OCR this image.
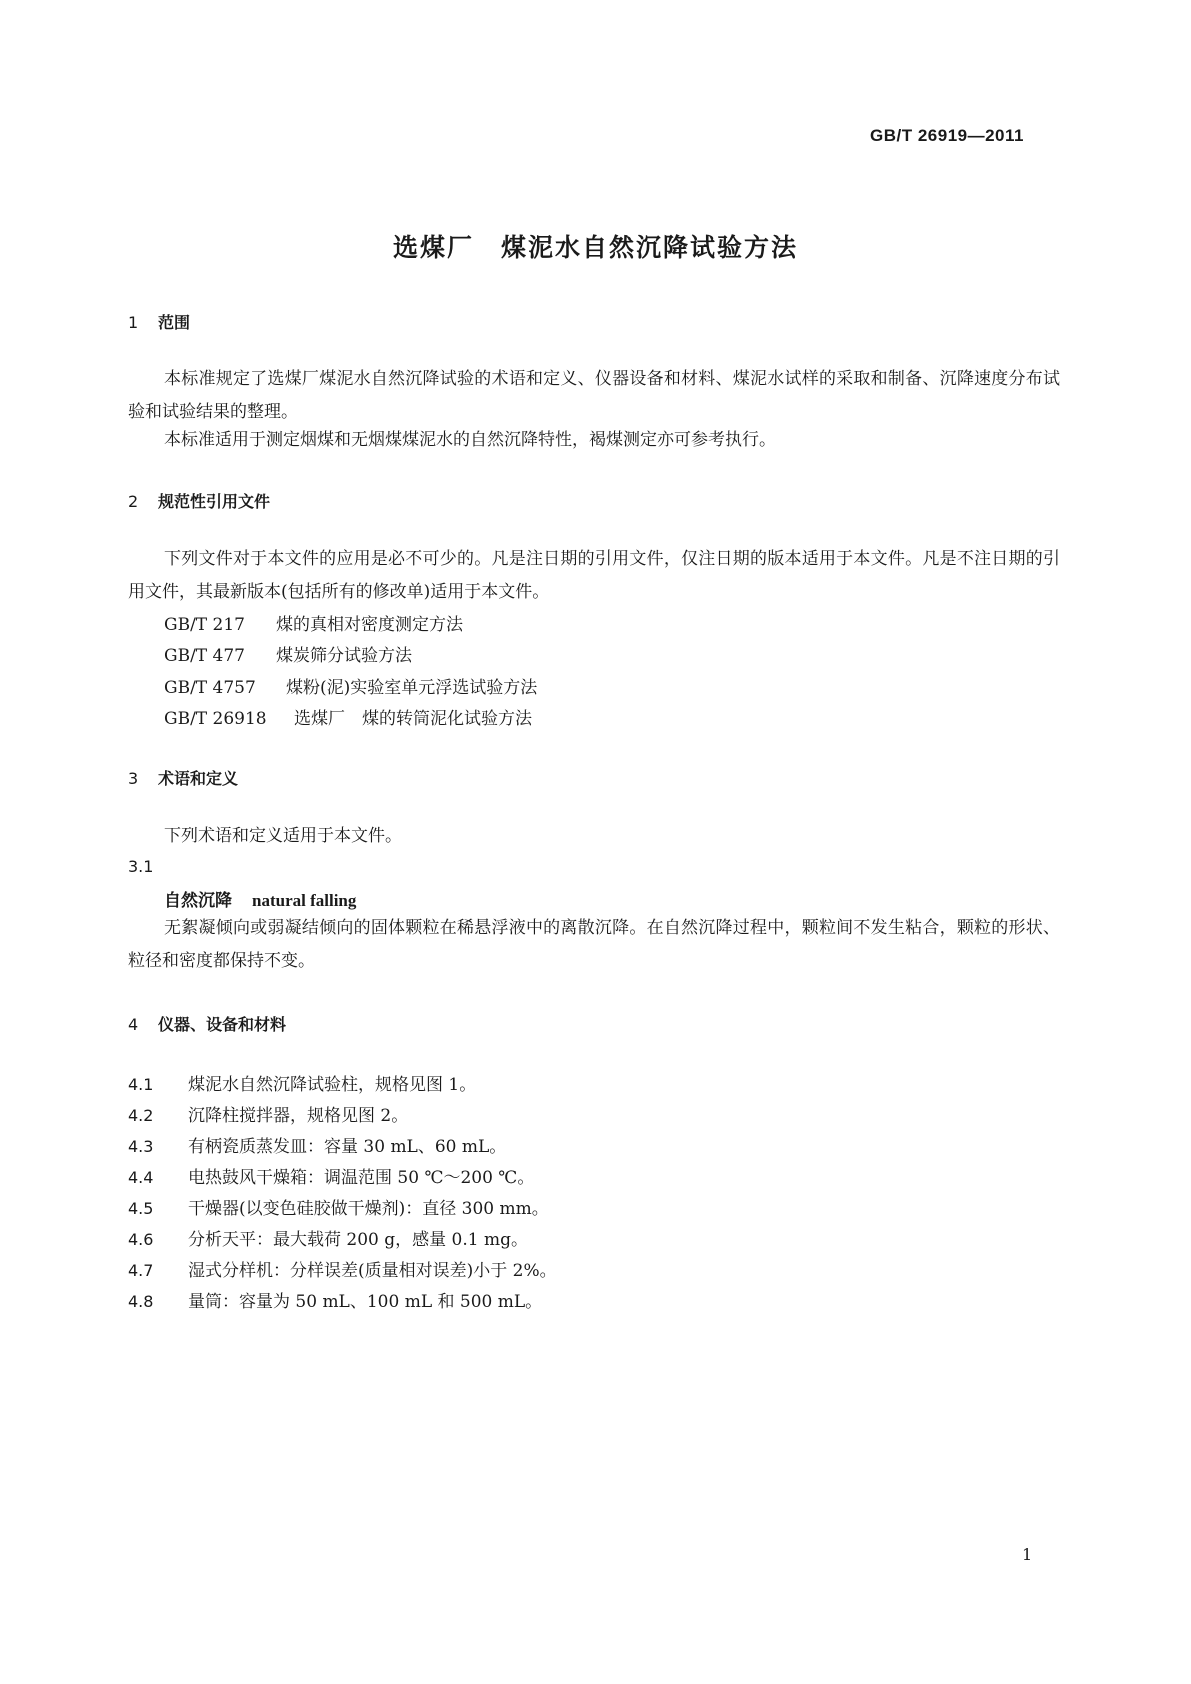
GB/T 26919—2011
选煤厂　煤泥水自然沉降试验方法
1 范围
本标准规定了选煤厂煤泥水自然沉降试验的术语和定义、仪器设备和材料、煤泥水试样的采取和制备、沉降速度分布试验和试验结果的整理。
本标准适用于测定烟煤和无烟煤煤泥水的自然沉降特性，褐煤测定亦可参考执行。
2 规范性引用文件
下列文件对于本文件的应用是必不可少的。凡是注日期的引用文件，仅注日期的版本适用于本文件。凡是不注日期的引用文件，其最新版本(包括所有的修改单)适用于本文件。
GB/T 217 煤的真相对密度测定方法
GB/T 477 煤炭筛分试验方法
GB/T 4757 煤粉(泥)实验室单元浮选试验方法
GB/T 26918 选煤厂　煤的转筒泥化试验方法
3 术语和定义
下列术语和定义适用于本文件。
3.1
自然沉降 natural falling
无絮凝倾向或弱凝结倾向的固体颗粒在稀悬浮液中的离散沉降。在自然沉降过程中，颗粒间不发生粘合，颗粒的形状、粒径和密度都保持不变。
4 仪器、设备和材料
4.1 煤泥水自然沉降试验柱，规格见图 1。
4.2 沉降柱搅拌器，规格见图 2。
4.3 有柄瓷质蒸发皿：容量 30 mL、60 mL。
4.4 电热鼓风干燥箱：调温范围 50 ℃～200 ℃。
4.5 干燥器(以变色硅胶做干燥剂)：直径 300 mm。
4.6 分析天平：最大载荷 200 g，感量 0.1 mg。
4.7 湿式分样机：分样误差(质量相对误差)小于 2%。
4.8 量筒：容量为 50 mL、100 mL 和 500 mL。
1
